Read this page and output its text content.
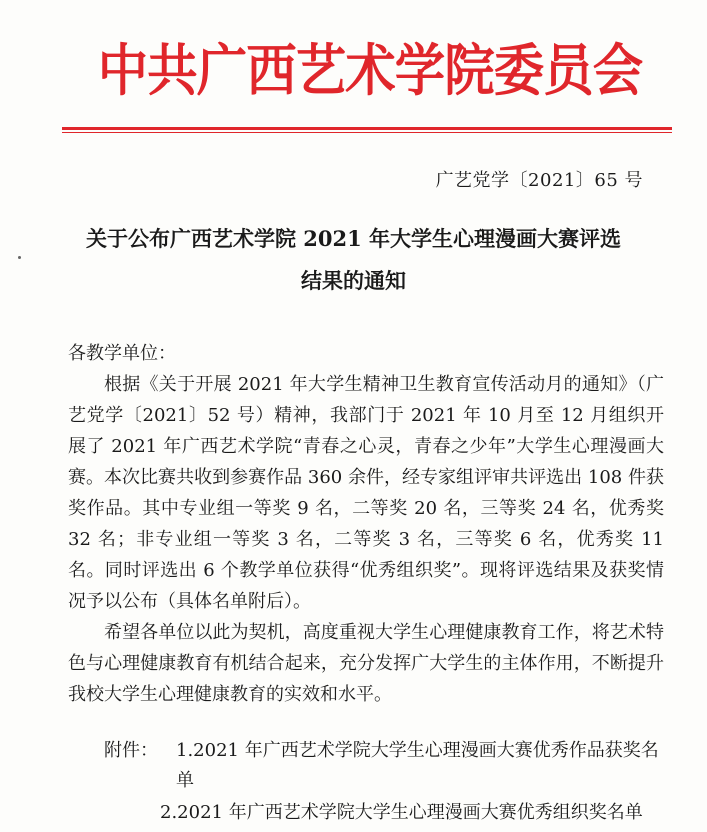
中共广西艺术学院委员会
广艺党学〔2021〕65 号
关于公布广西艺术学院 2021 年大学生心理漫画大赛评选
结果的通知

各教学单位：

根据《关于开展 2021 年大学生精神卫生教育宣传活动月的通知》（广艺党学〔2021〕52 号）精神，我部门于 2021 年 10 月至 12 月组织开展了 2021 年广西艺术学院“青春之心灵，青春之少年”大学生心理漫画大赛。本次比赛共收到参赛作品 360 余件，经专家组评审共评选出 108 件获奖作品。其中专业组一等奖 9 名，二等奖 20 名，三等奖 24 名，优秀奖 32 名；非专业组一等奖 3 名，二等奖 3 名，三等奖 6 名，优秀奖 11 名。同时评选出 6 个教学单位获得“优秀组织奖”。现将评选结果及获奖情况予以公布（具体名单附后）。

希望各单位以此为契机，高度重视大学生心理健康教育工作，将艺术特色与心理健康教育有机结合起来，充分发挥广大学生的主体作用，不断提升我校大学生心理健康教育的实效和水平。

附件： 1.2021 年广西艺术学院大学生心理漫画大赛优秀作品获奖名单
2.2021 年广西艺术学院大学生心理漫画大赛优秀组织奖名单
